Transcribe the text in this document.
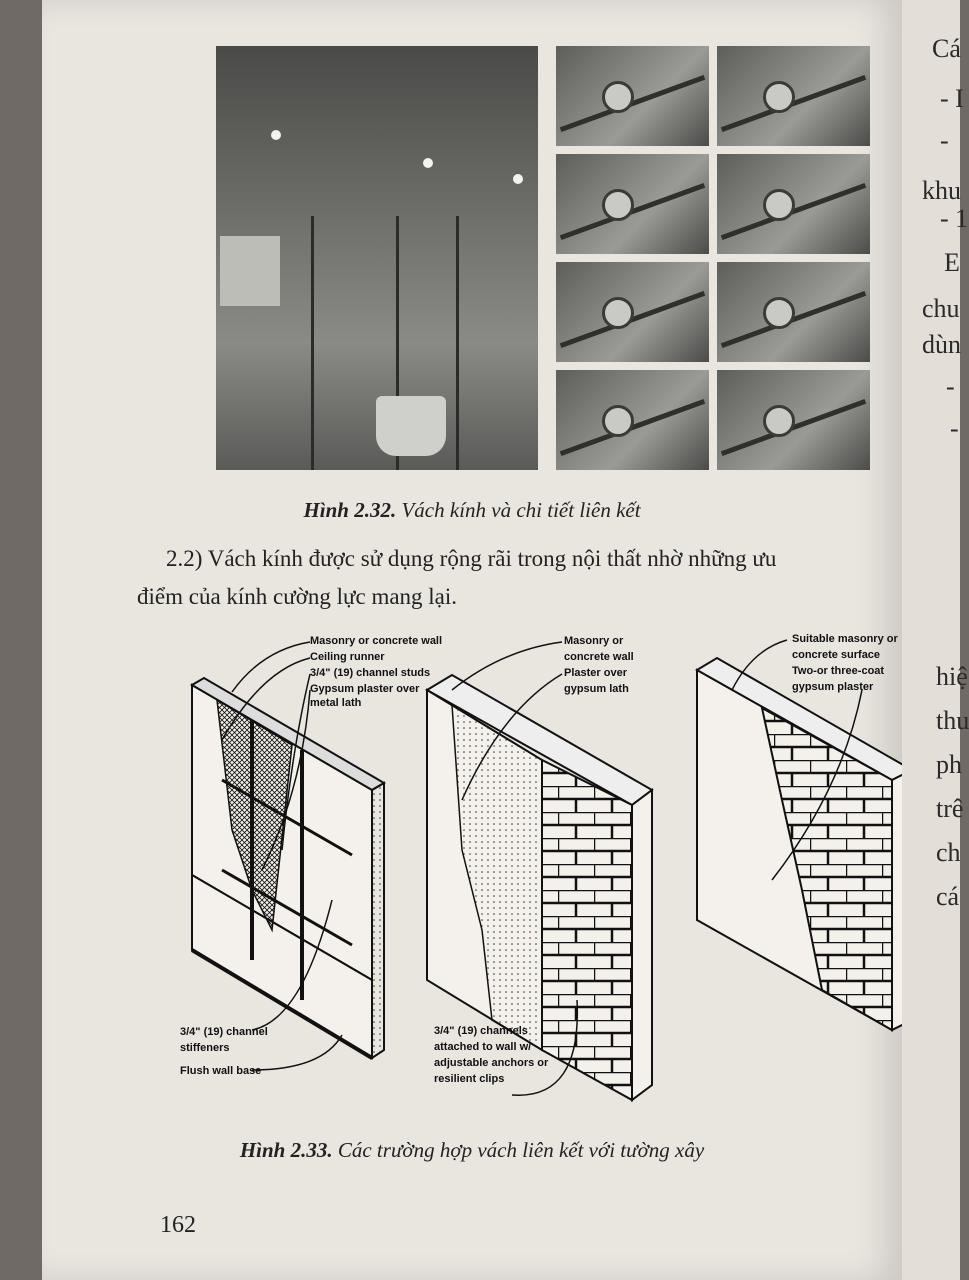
Hình 2.32. Vách kính và chi tiết liên kết
2.2) Vách kính được sử dụng rộng rãi trong nội thất nhờ những ưu
điểm của kính cường lực mang lại.
Masonry or concrete wall
Ceiling runner
3/4" (19) channel studs
Gypsum plaster over
metal lath
3/4" (19) channel
stiffeners
Flush wall base
Masonry or
concrete wall
Plaster over
gypsum lath
3/4" (19) channels
attached to wall w/
adjustable anchors or
resilient clips
Suitable masonry or
concrete surface
Two-or three-coat
gypsum plaster
Hình 2.33. Các trường hợp vách liên kết với tường xây
162
Cá
- I
-
khu
- 1
E
chu
dùn
-
-
hiệ
thu
ph
trê
ch
cá
